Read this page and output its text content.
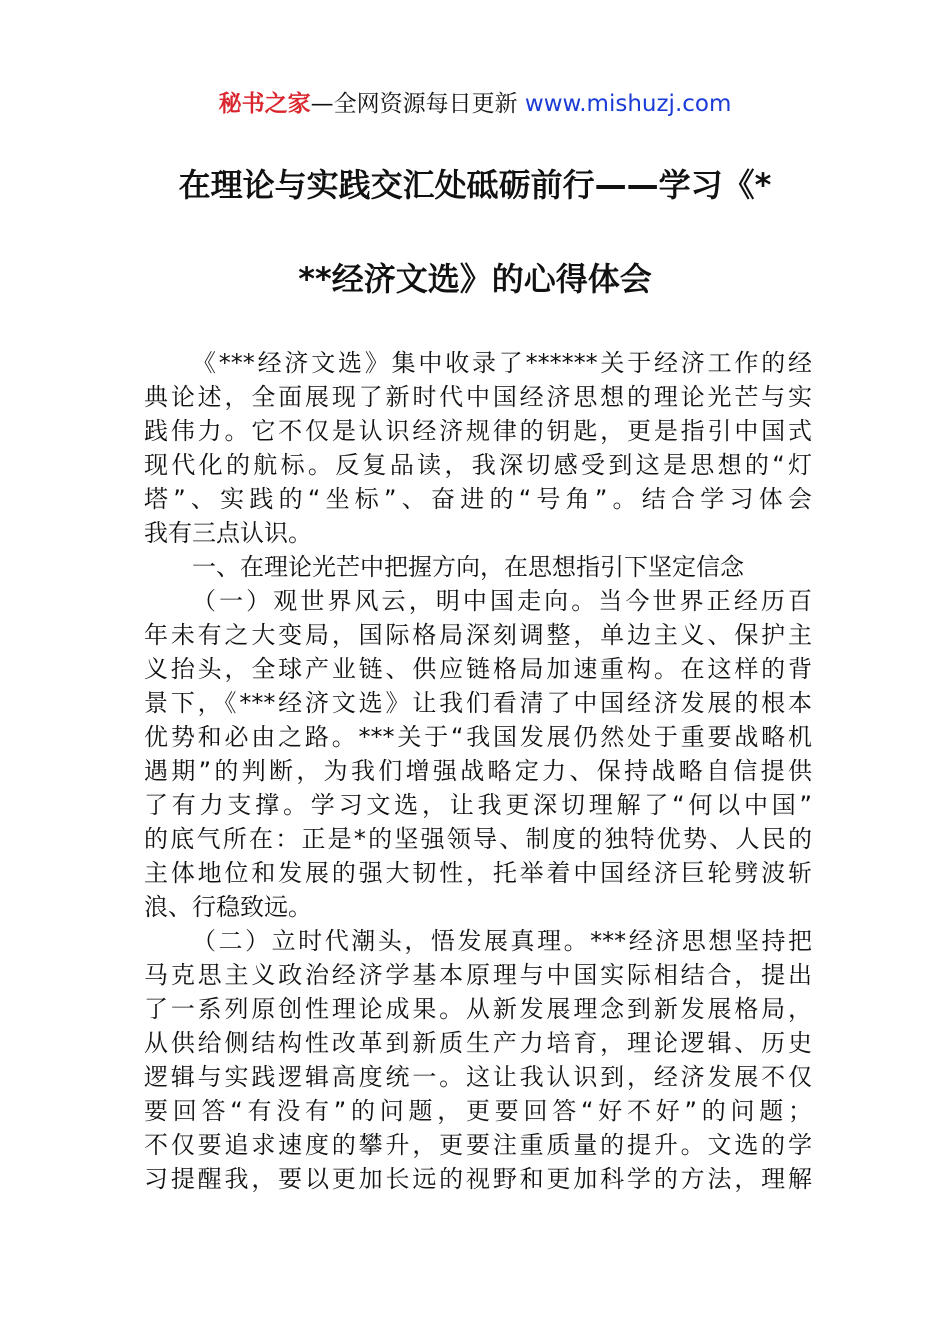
秘书之家—全网资源每日更新 www.mishuzj.com
在理论与实践交汇处砥砺前行——学习《*
**经济文选》的心得体会
《***经济文选》集中收录了******关于经济工作的经
典论述，全面展现了新时代中国经济思想的理论光芒与实
践伟力。它不仅是认识经济规律的钥匙，更是指引中国式
现代化的航标。反复品读，我深切感受到这是思想的“灯
塔”、实践的“坐标”、奋进的“号角”。结合学习体会
我有三点认识。
一、在理论光芒中把握方向，在思想指引下坚定信念
（一）观世界风云，明中国走向。当今世界正经历百
年未有之大变局，国际格局深刻调整，单边主义、保护主
义抬头，全球产业链、供应链格局加速重构。在这样的背
景下，《***经济文选》让我们看清了中国经济发展的根本
优势和必由之路。***关于“我国发展仍然处于重要战略机
遇期”的判断，为我们增强战略定力、保持战略自信提供
了有力支撑。学习文选，让我更深切理解了“何以中国”
的底气所在：正是*的坚强领导、制度的独特优势、人民的
主体地位和发展的强大韧性，托举着中国经济巨轮劈波斩
浪、行稳致远。
（二）立时代潮头，悟发展真理。***经济思想坚持把
马克思主义政治经济学基本原理与中国实际相结合，提出
了一系列原创性理论成果。从新发展理念到新发展格局，
从供给侧结构性改革到新质生产力培育，理论逻辑、历史
逻辑与实践逻辑高度统一。这让我认识到，经济发展不仅
要回答“有没有”的问题，更要回答“好不好”的问题；
不仅要追求速度的攀升，更要注重质量的提升。文选的学
习提醒我，要以更加长远的视野和更加科学的方法，理解
